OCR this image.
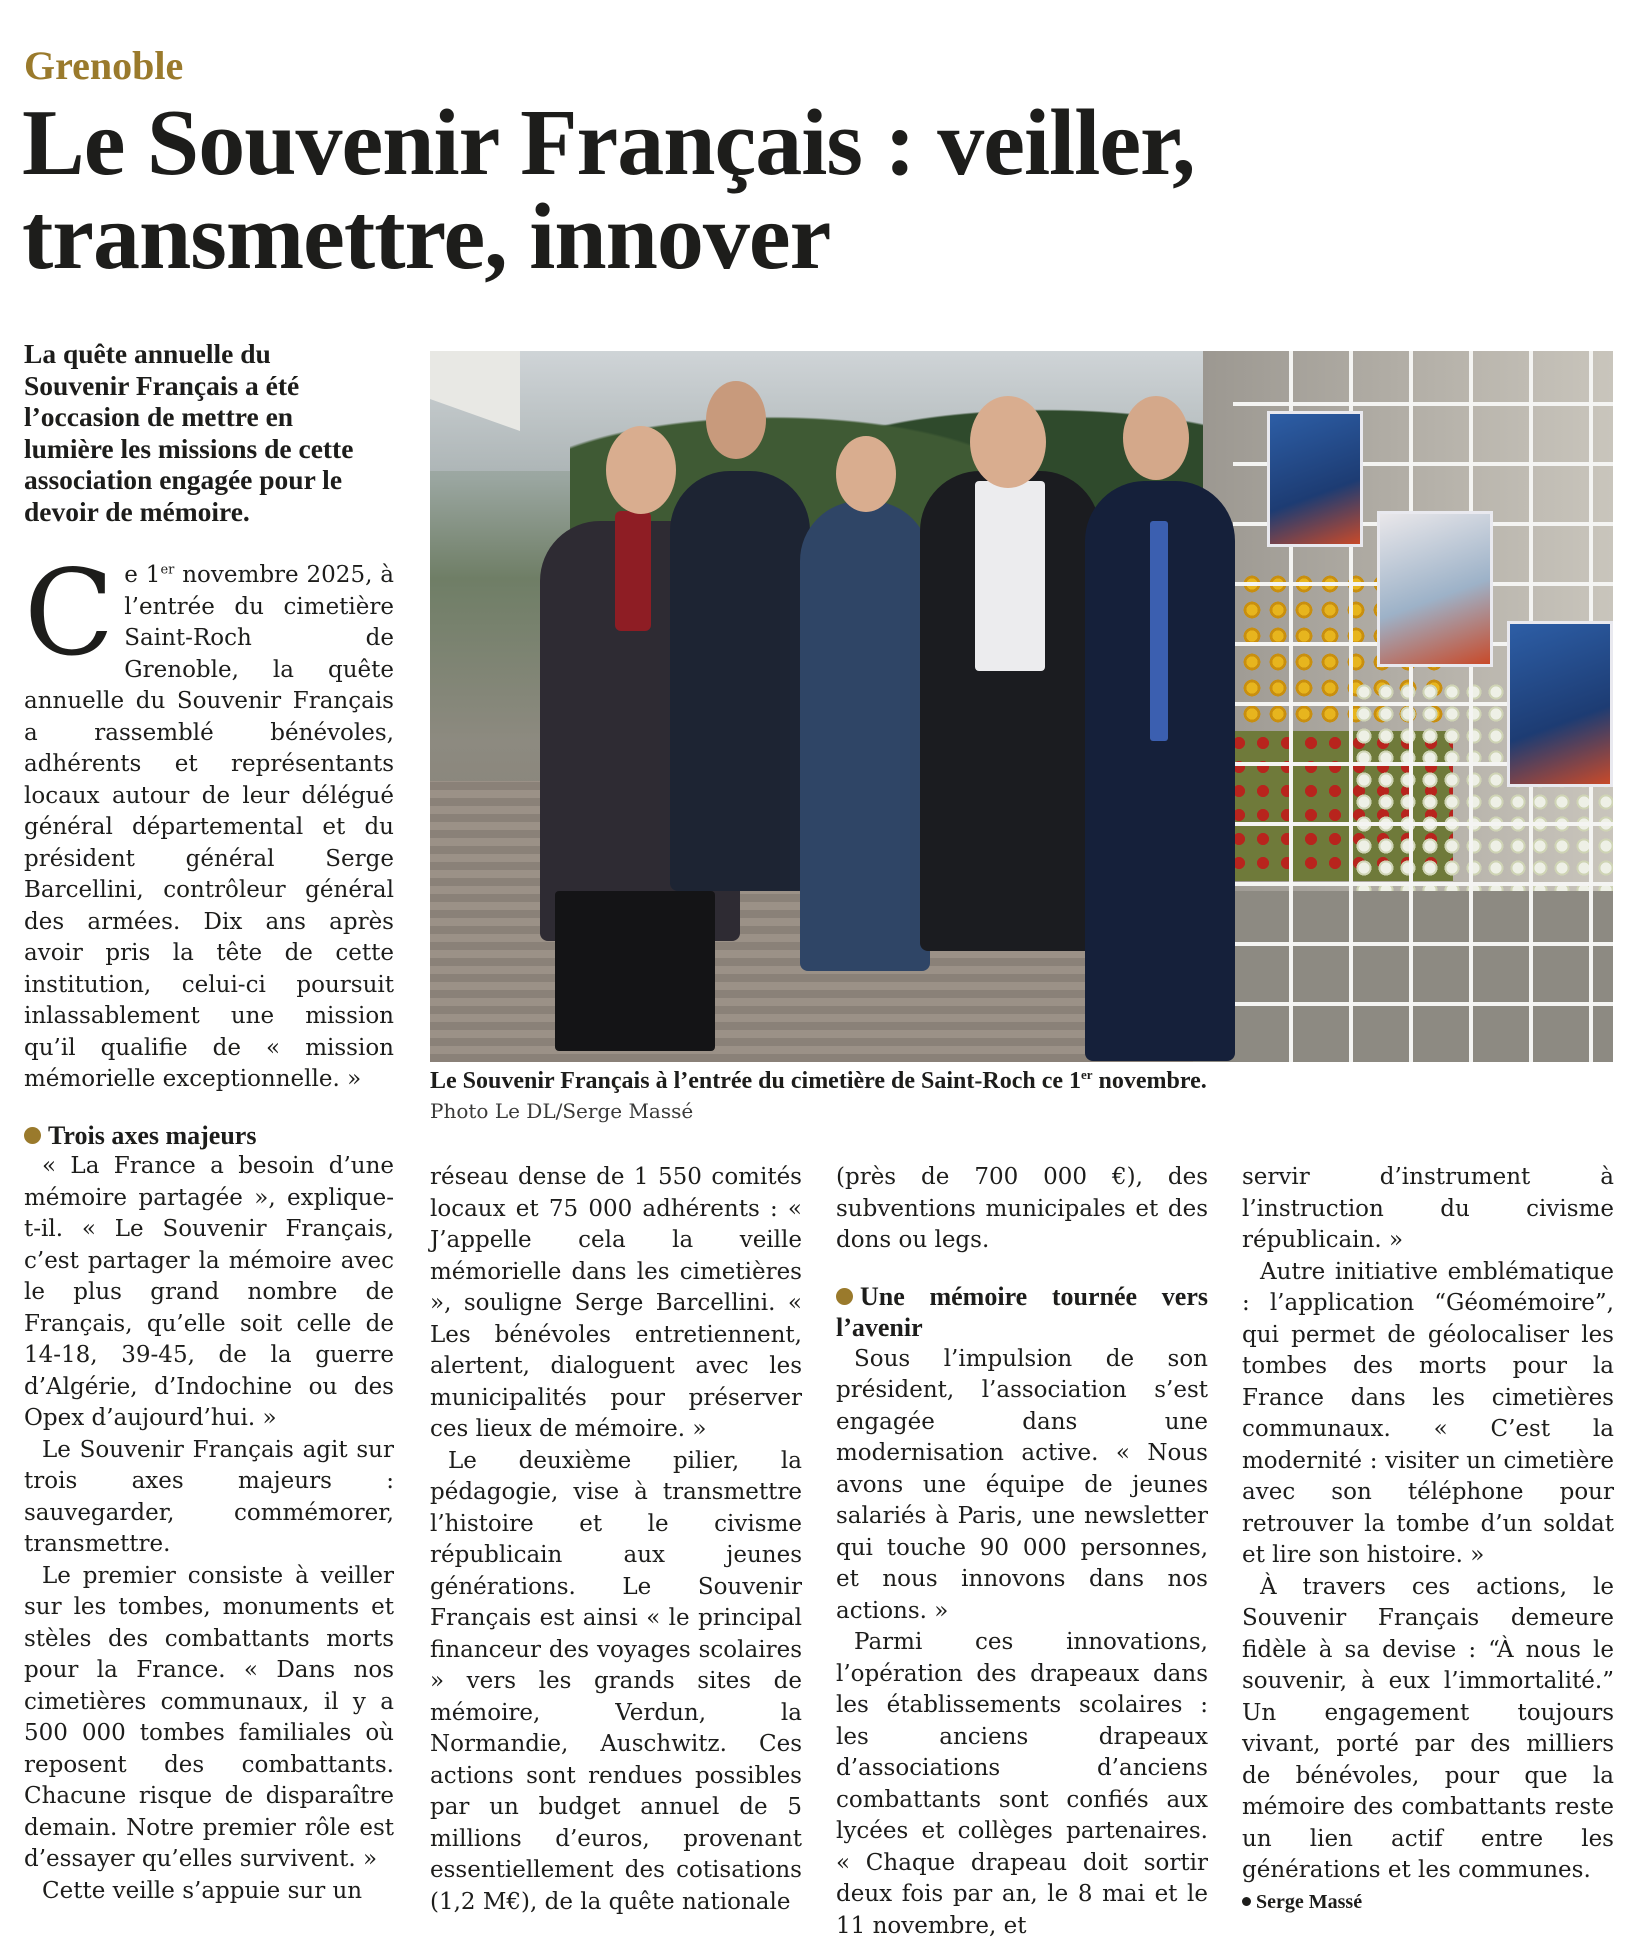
Grenoble
Le Souvenir Français : veiller,
transmettre, innover

La quête annuelle du Souvenir Français a été l’occasion de mettre en lumière les missions de cette association engagée pour le devoir de mémoire.

Le Souvenir Français à l’entrée du cimetière de Saint-Roch ce 1er novembre.

Photo Le DL/Serge Massé

Ce 1er novembre 2025, à l’entrée du cimetière Saint-Roch de Grenoble, la quête annuelle du Souvenir Français a rassemblé bénévoles, adhérents et représentants locaux autour de leur délégué général départemental et du président général Serge Barcellini, contrôleur général des armées. Dix ans après avoir pris la tête de cette institution, celui-ci poursuit inlassablement une mission qu’il qualifie de « mission mémorielle exceptionnelle. »

Trois axes majeurs

« La France a besoin d’une mémoire partagée », explique-t-il. « Le Souvenir Français, c’est partager la mémoire avec le plus grand nombre de Français, qu’elle soit celle de 14-18, 39-45, de la guerre d’Algérie, d’Indochine ou des Opex d’aujourd’hui. »

Le Souvenir Français agit sur trois axes majeurs : sauvegarder, commémorer, transmettre.

Le premier consiste à veiller sur les tombes, monuments et stèles des combattants morts pour la France. « Dans nos cimetières communaux, il y a 500 000 tombes familiales où reposent des combattants. Chacune risque de disparaître demain. Notre premier rôle est d’essayer qu’elles survivent. »

Cette veille s’appuie sur un

réseau dense de 1 550 comités locaux et 75 000 adhérents : « J’appelle cela la veille mémorielle dans les cimetières », souligne Serge Barcellini. « Les bénévoles entretiennent, alertent, dialoguent avec les municipalités pour préserver ces lieux de mémoire. »

Le deuxième pilier, la pédagogie, vise à transmettre l’histoire et le civisme républicain aux jeunes générations. Le Souvenir Français est ainsi « le principal financeur des voyages scolaires » vers les grands sites de mémoire, Verdun, la Normandie, Auschwitz. Ces actions sont rendues possibles par un budget annuel de 5 millions d’euros, provenant essentiellement des cotisations (1,2 M€), de la quête nationale

(près de 700 000 €), des subventions municipales et des dons ou legs.

Une mémoire tournée vers l’avenir

Sous l’impulsion de son président, l’association s’est engagée dans une modernisation active. « Nous avons une équipe de jeunes salariés à Paris, une newsletter qui touche 90 000 personnes, et nous innovons dans nos actions. »

Parmi ces innovations, l’opération des drapeaux dans les établissements scolaires : les anciens drapeaux d’associations d’anciens combattants sont confiés aux lycées et collèges partenaires. « Chaque drapeau doit sortir deux fois par an, le 8 mai et le 11 novembre, et

servir d’instrument à l’instruction du civisme républicain. »

Autre initiative emblématique : l’application “Géomémoire”, qui permet de géolocaliser les tombes des morts pour la France dans les cimetières communaux. « C’est la modernité : visiter un cimetière avec son téléphone pour retrouver la tombe d’un soldat et lire son histoire. »

À travers ces actions, le Souvenir Français demeure fidèle à sa devise : “À nous le souvenir, à eux l’immortalité.” Un engagement toujours vivant, porté par des milliers de bénévoles, pour que la mémoire des combattants reste un lien actif entre les générations et les communes.

Serge Massé
